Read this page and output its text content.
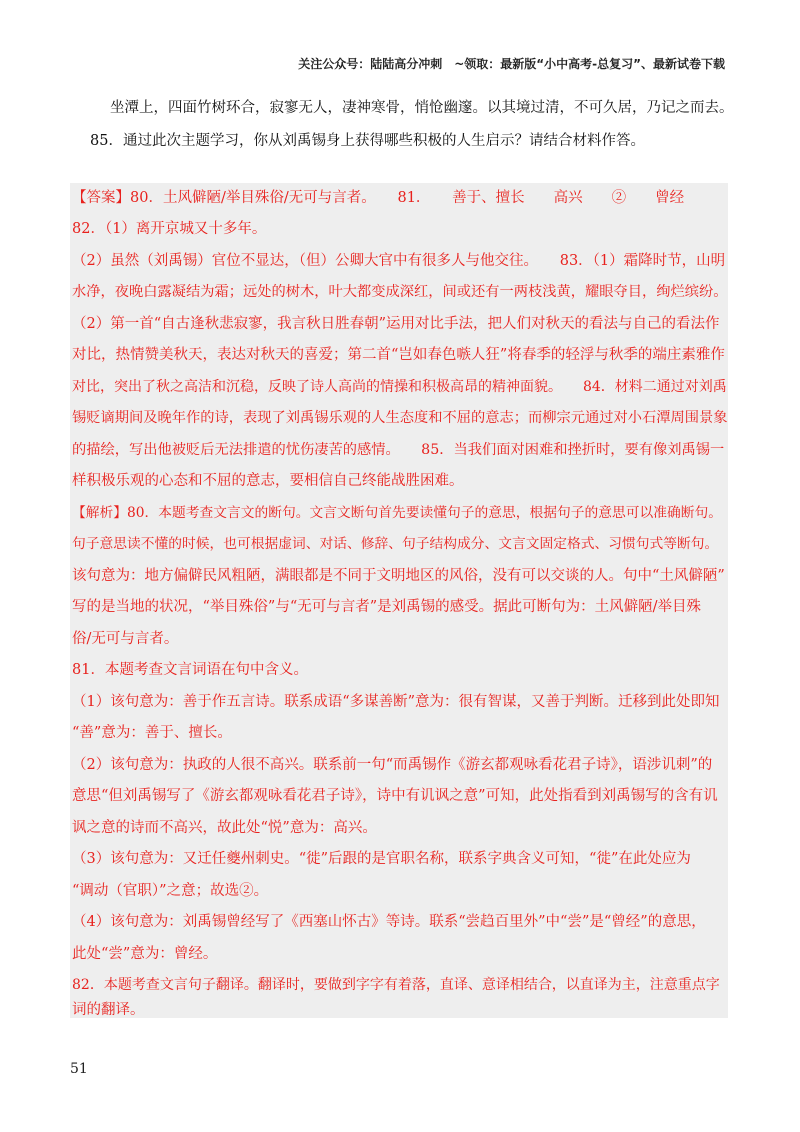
关注公众号：陆陆高分冲刺　~领取：最新版“小中高考-总复习”、最新试卷下载
坐潭上，四面竹树环合，寂寥无人，凄神寒骨，悄怆幽邃。以其境过清，不可久居，乃记之而去。
85．通过此次主题学习，你从刘禹锡身上获得哪些积极的人生启示？请结合材料作答。
【答案】80．土风僻陋/举目殊俗/无可与言者。　　81．　　善于、擅长　　高兴　　②　　曾经
82．（1）离开京城又十多年。
（2）虽然（刘禹锡）官位不显达，（但）公卿大官中有很多人与他交往。　　83．（1）霜降时节，山明
水净，夜晚白露凝结为霜；远处的树木，叶大都变成深红，间或还有一两枝浅黄，耀眼夺目，绚烂缤纷。
（2）第一首“自古逢秋悲寂寥，我言秋日胜春朝”运用对比手法，把人们对秋天的看法与自己的看法作
对比，热情赞美秋天，表达对秋天的喜爱；第二首“岂如春色嗾人狂”将春季的轻浮与秋季的端庄素雅作
对比，突出了秋之高洁和沉稳，反映了诗人高尚的情操和积极高昂的精神面貌。　　84．材料二通过对刘禹
锡贬谪期间及晚年作的诗，表现了刘禹锡乐观的人生态度和不屈的意志；而柳宗元通过对小石潭周围景象
的描绘，写出他被贬后无法排遣的忧伤凄苦的感情。　　85．当我们面对困难和挫折时，要有像刘禹锡一
样积极乐观的心态和不屈的意志，要相信自己终能战胜困难。
【解析】80．本题考查文言文的断句。文言文断句首先要读懂句子的意思，根据句子的意思可以准确断句。
句子意思读不懂的时候，也可根据虚词、对话、修辞、句子结构成分、文言文固定格式、习惯句式等断句。
该句意为：地方偏僻民风粗陋，满眼都是不同于文明地区的风俗，没有可以交谈的人。句中“土风僻陋”
写的是当地的状况，“举目殊俗”与“无可与言者”是刘禹锡的感受。据此可断句为：土风僻陋/举目殊
俗/无可与言者。
81．本题考查文言词语在句中含义。
（1）该句意为：善于作五言诗。联系成语“多谋善断”意为：很有智谋，又善于判断。迁移到此处即知
“善”意为：善于、擅长。
（2）该句意为：执政的人很不高兴。联系前一句“而禹锡作《游玄都观咏看花君子诗》，语涉讥刺”的
意思“但刘禹锡写了《游玄都观咏看花君子诗》，诗中有讥讽之意”可知，此处指看到刘禹锡写的含有讥
讽之意的诗而不高兴，故此处“悦”意为：高兴。
（3）该句意为：又迁任夔州刺史。“徙”后跟的是官职名称，联系字典含义可知，“徙”在此处应为
“调动（官职）”之意；故选②。
（4）该句意为：刘禹锡曾经写了《西塞山怀古》等诗。联系“尝趋百里外”中“尝”是“曾经”的意思，
此处“尝”意为：曾经。
82．本题考查文言句子翻译。翻译时，要做到字字有着落，直译、意译相结合，以直译为主，注意重点字
词的翻译。
51
